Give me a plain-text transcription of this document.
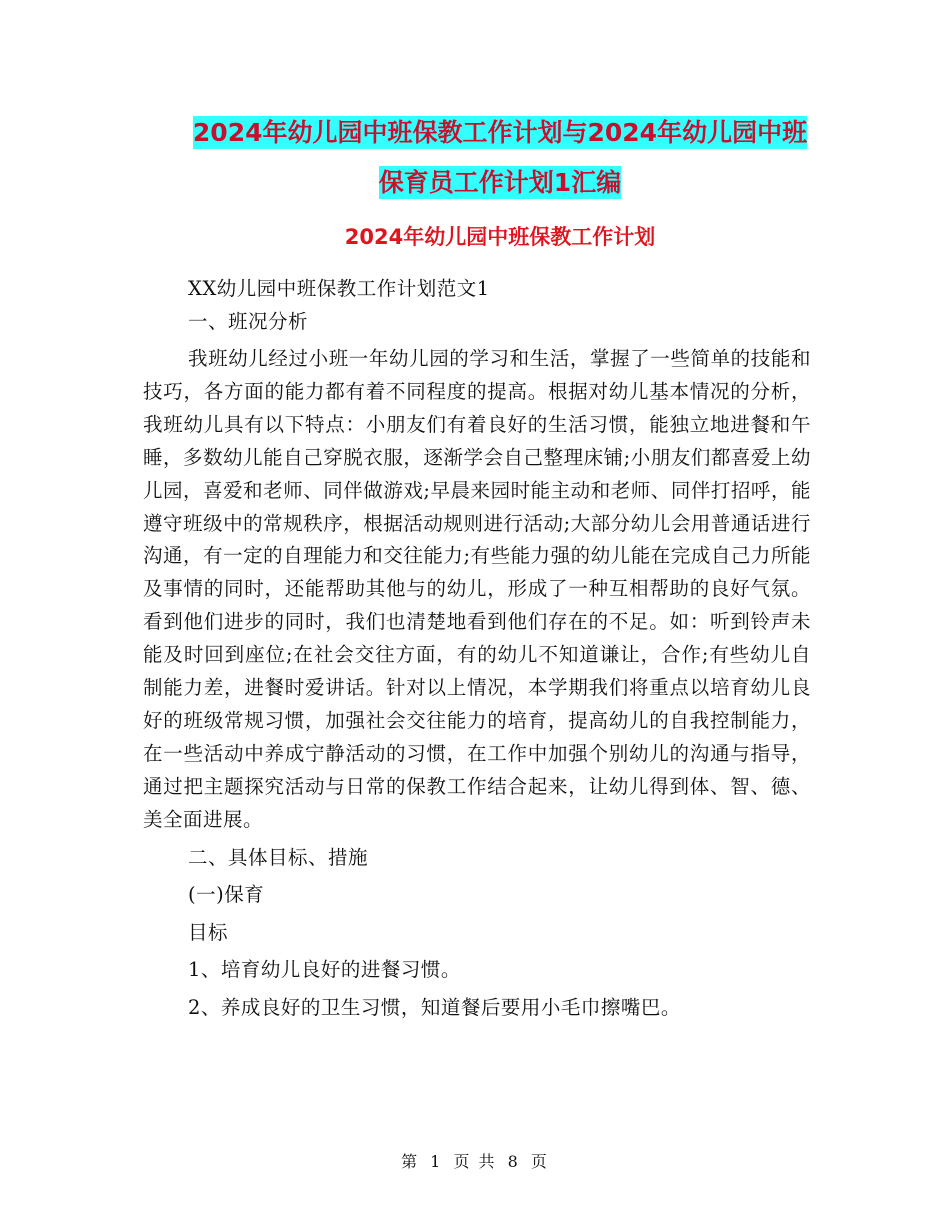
2024年幼儿园中班保教工作计划与2024年幼儿园中班
保育员工作计划1汇编
2024年幼儿园中班保教工作计划

XX幼儿园中班保教工作计划范文1

一、班况分析

我班幼儿经过小班一年幼儿园的学习和生活，掌握了一些简单的技能和技巧，各方面的能力都有着不同程度的提高。根据对幼儿基本情况的分析，我班幼儿具有以下特点：小朋友们有着良好的生活习惯，能独立地进餐和午睡，多数幼儿能自己穿脱衣服，逐渐学会自己整理床铺;小朋友们都喜爱上幼儿园，喜爱和老师、同伴做游戏;早晨来园时能主动和老师、同伴打招呼，能遵守班级中的常规秩序，根据活动规则进行活动;大部分幼儿会用普通话进行沟通，有一定的自理能力和交往能力;有些能力强的幼儿能在完成自己力所能及事情的同时，还能帮助其他与的幼儿，形成了一种互相帮助的良好气氛。看到他们进步的同时，我们也清楚地看到他们存在的不足。如：听到铃声未能及时回到座位;在社会交往方面，有的幼儿不知道谦让，合作;有些幼儿自制能力差，进餐时爱讲话。针对以上情况，本学期我们将重点以培育幼儿良好的班级常规习惯，加强社会交往能力的培育，提高幼儿的自我控制能力，在一些活动中养成宁静活动的习惯，在工作中加强个别幼儿的沟通与指导，通过把主题探究活动与日常的保教工作结合起来，让幼儿得到体、智、德、美全面进展。

二、具体目标、措施

(一)保育

目标

1、培育幼儿良好的进餐习惯。

2、养成良好的卫生习惯，知道餐后要用小毛巾擦嘴巴。

第 1 页 共 8 页
